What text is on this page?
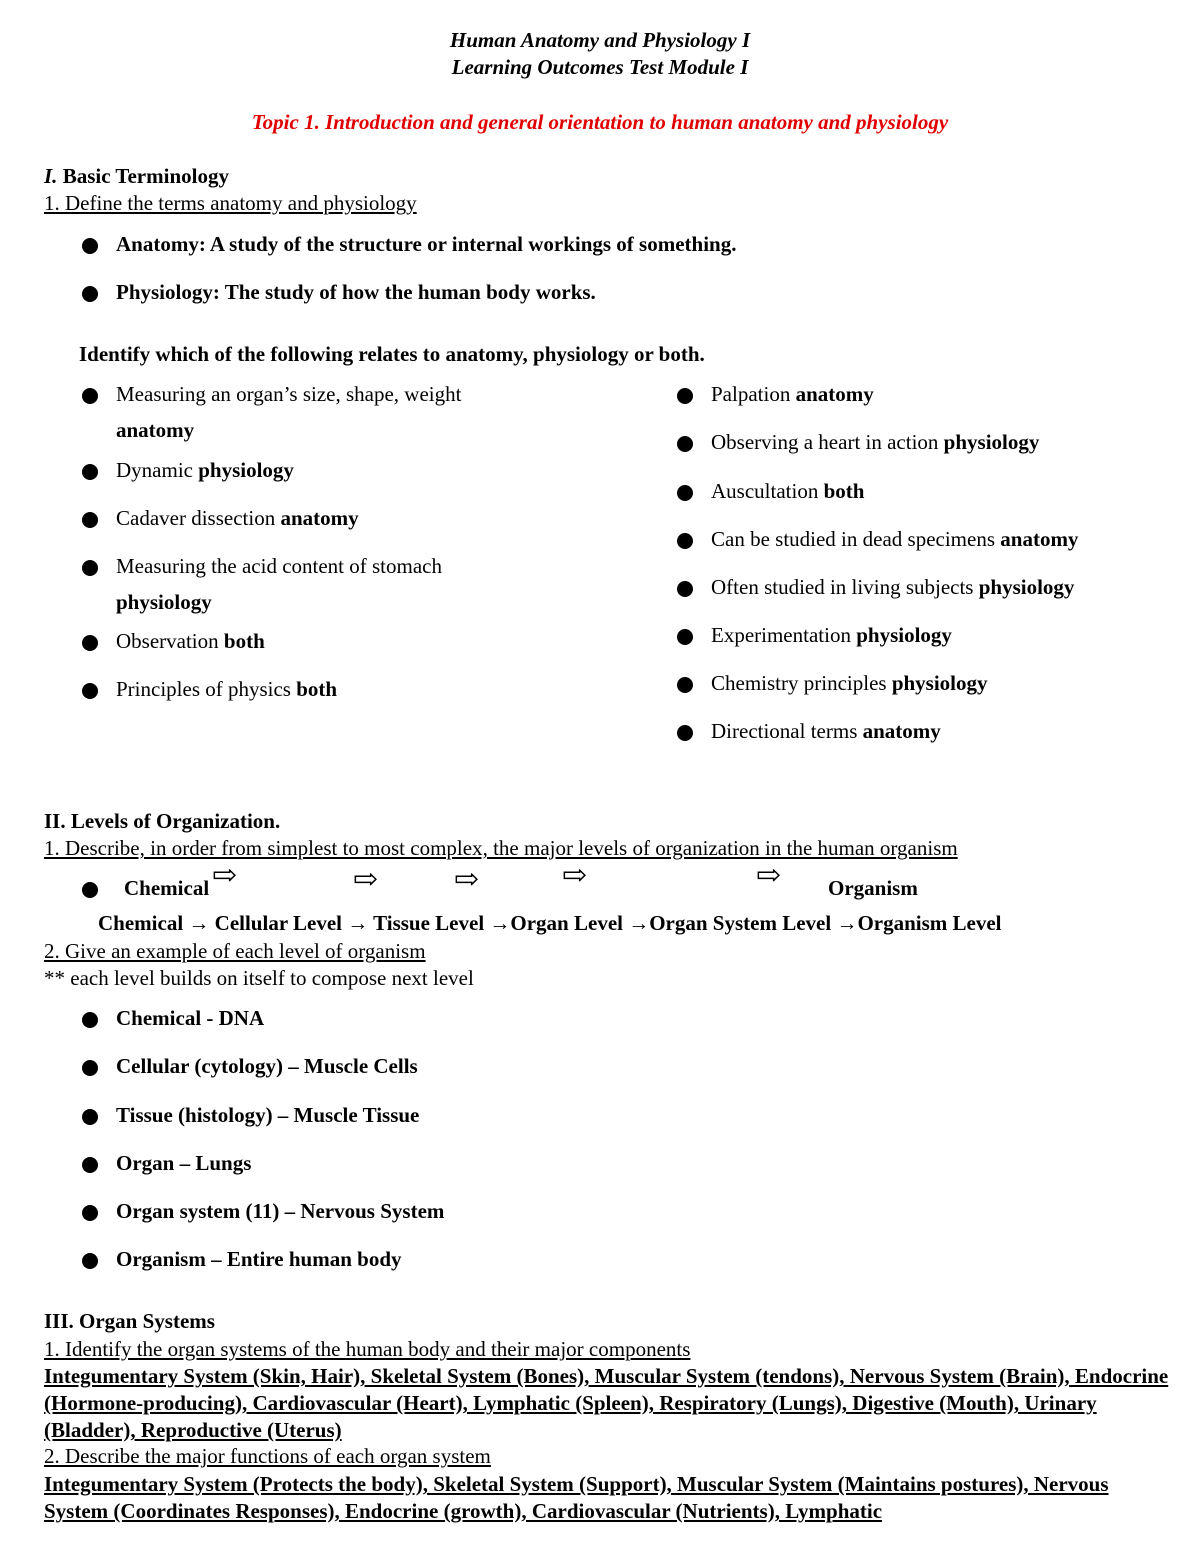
Human Anatomy and Physiology I
Learning Outcomes Test Module I
Topic 1. Introduction and general orientation to human anatomy and physiology
I. Basic Terminology
1. Define the terms anatomy and physiology
Anatomy: A study of the structure or internal workings of something.
Physiology: The study of how the human body works.
Identify which of the following relates to anatomy, physiology or both.
Measuring an organ’s size, shape, weight
anatomy
Dynamic physiology
Cadaver dissection anatomy
Measuring the acid content of stomach
physiology
Observation both
Principles of physics both
Palpation anatomy
Observing a heart in action physiology
Auscultation both
Can be studied in dead specimens anatomy
Often studied in living subjects physiology
Experimentation physiology
Chemistry principles physiology
Directional terms anatomy
II. Levels of Organization.
1. Describe, in order from simplest to most complex, the major levels of organization in the human organism
Chemical ⇨	⇨	⇨	⇨	⇨ Organism
Chemical → Cellular Level → Tissue Level →Organ Level →Organ System Level →Organism Level
2. Give an example of each level of organism
** each level builds on itself to compose next level
Chemical - DNA
Cellular (cytology) – Muscle Cells
Tissue (histology) – Muscle Tissue
Organ – Lungs
Organ system (11) – Nervous System
Organism – Entire human body
III. Organ Systems
1. Identify the organ systems of the human body and their major components
Integumentary System (Skin, Hair), Skeletal System (Bones), Muscular System (tendons), Nervous System (Brain), Endocrine (Hormone-producing), Cardiovascular (Heart), Lymphatic (Spleen), Respiratory (Lungs), Digestive (Mouth), Urinary (Bladder), Reproductive (Uterus)
2. Describe the major functions of each organ system
Integumentary System (Protects the body), Skeletal System (Support), Muscular System (Maintains postures), Nervous System (Coordinates Responses), Endocrine (growth), Cardiovascular (Nutrients), Lymphatic
